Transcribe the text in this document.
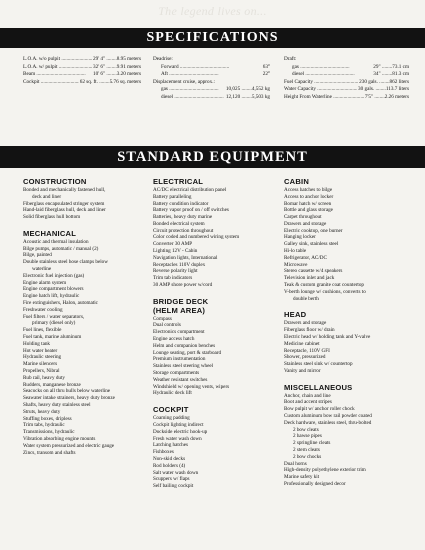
The legend lives on...
SPECIFICATIONS
L.O.A. w/o pulpit .....	29' 4" ........8.95 meters
L.O.A. w/ pulpit .....	32' 6" ........9.91 meters
Beam .....	10' 6" ........3.20 meters
Cockpit .....	62 sq. ft. ........5.76 sq. meters
Deadrise:
Forward .....	63°
Aft .....	22°
Displacement cruise, approx.:
gas .....	10,025 ........4,552 kg
diesel .....	12,120 ........5,503 kg
Draft:
gas .....	29" ........73.1 cm
diesel .....	34" ........81.3 cm
Fuel Capacity .....	230 gals. ........862 liters
Water Capacity .....	30 gals. ........113.7 liters
Height From Waterline .....	7'5" ........2.26 meters
STANDARD EQUIPMENT
CONSTRUCTION
Bonded and mechanically fastened hull,
deck and liner
Fiberglass encapsulated stringer system
Hand-laid fiberglass hull, deck and liner
Solid fiberglass hull bottom
MECHANICAL
Acoustic and thermal insulation
Bilge pumps, automatic / manual (2)
Bilge, painted
Double stainless steel hose clamps below
waterline
Electronic fuel injection (gas)
Engine alarm system
Engine compartment blowers
Engine hatch lift, hydraulic
Fire extinguishers, Halon, automatic
Freshwater cooling
Fuel filters / water separators,
primary (diesel only)
Fuel lines, flexible
Fuel tank, marine aluminum
Holding tank
Hot water heater
Hydraulic steering
Marine silencers
Propellers, Nibral
Rub rail, heavy duty
Rudders, manganese bronze
Seacocks on all thru hulls below waterline
Seawater intake strainers, heavy duty bronze
Shafts, heavy duty stainless steel
Struts, heavy duty
Stuffing boxes, dripless
Trim tabs, hydraulic
Transmissions, hydraulic
Vibration absorbing engine mounts
Water system pressurized and electric gauge
Zincs, transom and shafts
ELECTRICAL
AC/DC electrical distribution panel
Battery paralleling
Battery condition indicator
Battery vapor proof on / off switches
Batteries, heavy duty marine
Bonded electrical system
Circuit protection throughout
Color coded and numbered wiring system
Converter 30 AMP
Lighting 12V - Cabin
Navigation lights, International
Receptacles 110V duplex
Reverse polarity light
Trim tab indicators
30 AMP shore power w/cord
BRIDGE DECK
(HELM AREA)
Compass
Dual controls
Electronics compartment
Engine access hatch
Helm and companion benches
Lounge seating, port & starboard
Premium instrumentation
Stainless steel steering wheel
Storage compartments
Weather resistant switches
Windshield w/ opening vents, wipers
Hydraulic deck lift
COCKPIT
Coaming padding
Cockpit lighting indirect
Dockside electric hook-up
Fresh water wash down
Latching hatches
Fishboxes
Non-skid decks
Rod holders (4)
Salt water wash down
Scuppers w/ flaps
Self bailing cockpit
CABIN
Access hatches to bilge
Access to anchor locker
Bomar hatch w/ screen
Bottle and glass storage
Carpet throughout
Drawers and storage
Electric cooktop, one burner
Hanging locker
Galley sink, stainless steel
Hi-lo table
Refrigerator, AC/DC
Microwave
Stereo cassette w/4 speakers
Television inlet and jack
Teak & custom granite coat countertop
V-berth lounge w/ cushions, converts to
double berth
HEAD
Drawers and storage
Fiberglass floor w/ drain
Electric head w/ holding tank and Y-valve
Medicine cabinet
Receptacle, 110V GFI
Shower, pressurized
Stainless steel sink w/ countertop
Vanity and mirror
MISCELLANEOUS
Anchor, chain and line
Boot and accent stripes
Bow pulpit w/ anchor roller chock
Custom aluminum bow rail powder coated
Deck hardware, stainless steel, thru-bolted
2 bow cleats
2 hawse pipes
2 springline cleats
2 stern cleats
2 bow chocks
Dual horns
High-density polyethylene exterior trim
Marine safety kit
Professionally designed decor
